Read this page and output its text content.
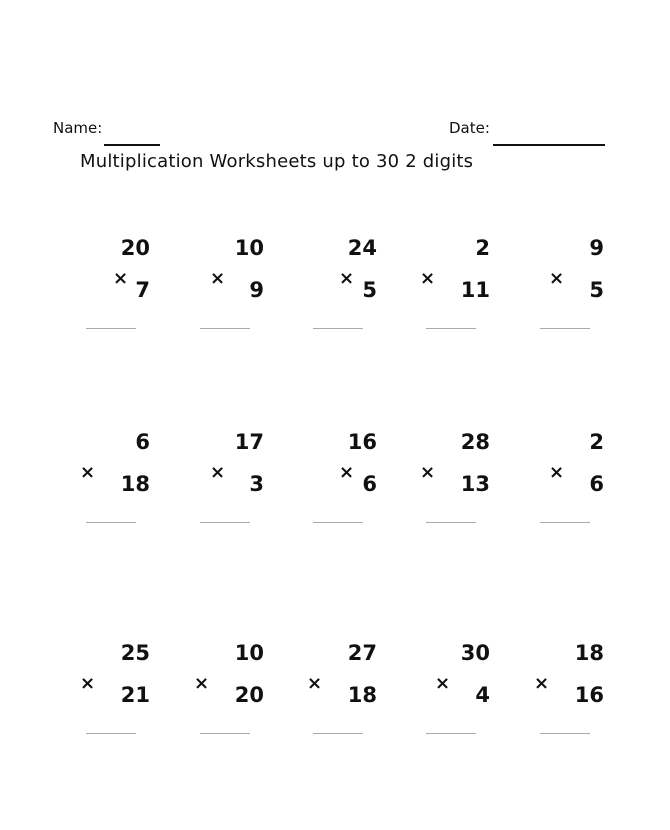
Name:	Date:
Multiplication Worksheets up to 30 2 digits
20
× 7
10
× 9
24
× 5
2
× 11
9
× 5
6
× 18
17
× 3
16
× 6
28
× 13
2
× 6
25
× 21
10
× 20
27
× 18
30
× 4
18
× 16
